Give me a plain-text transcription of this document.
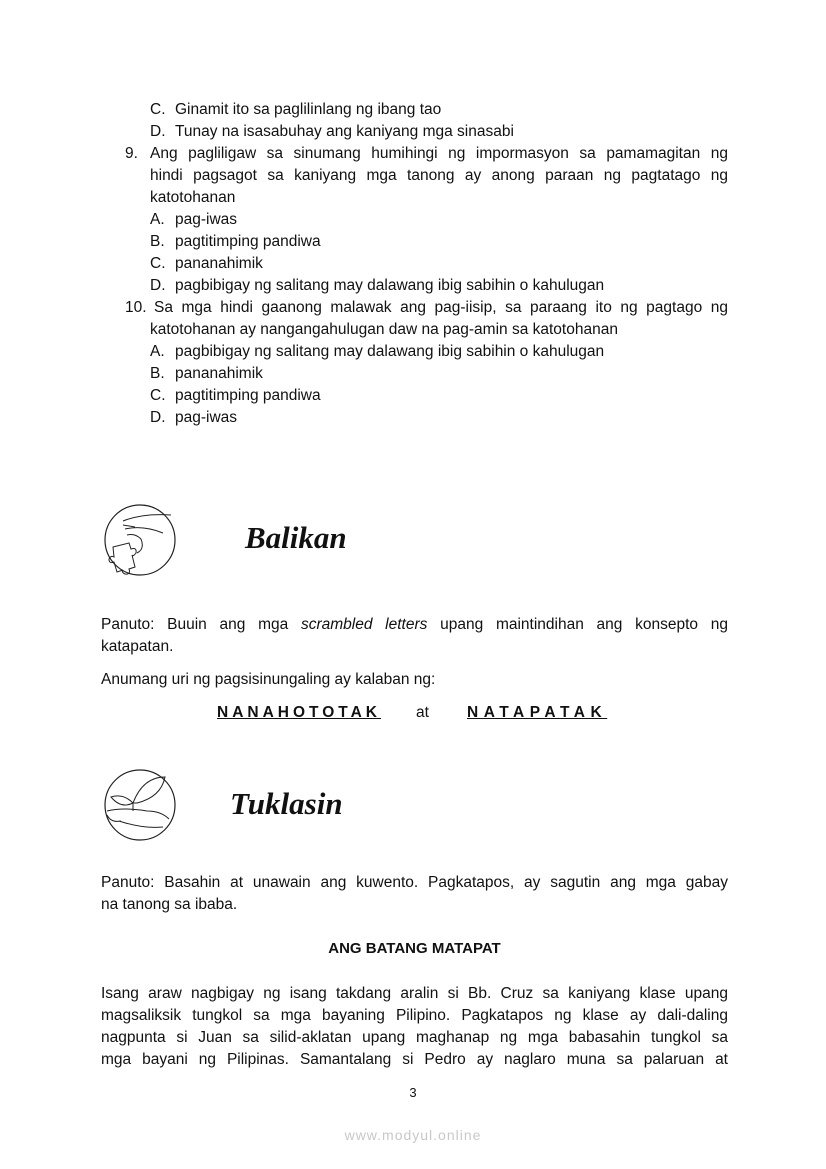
C. Ginamit ito sa paglilinlang ng ibang tao
D. Tunay na isasabuhay ang kaniyang mga sinasabi
9. Ang pagliligaw sa sinumang humihingi ng impormasyon sa pamamagitan ng
hindi pagsagot sa kaniyang mga tanong ay anong paraan ng pagtatago ng
katotohanan
A. pag-iwas
B. pagtitimping pandiwa
C. pananahimik
D. pagbibigay ng salitang may dalawang ibig sabihin o kahulugan
10. Sa mga hindi gaanong malawak ang pag-iisip, sa paraang ito ng pagtago ng
katotohanan ay nangangahulugan daw na pag-amin sa katotohanan
A. pagbibigay ng salitang may dalawang ibig sabihin o kahulugan
B. pananahimik
C. pagtitimping pandiwa
D. pag-iwas
Balikan
Panuto: Buuin ang mga scrambled letters upang maintindihan ang konsepto ng
katapatan.
Anumang uri ng pagsisinungaling ay kalaban ng:
NANAHOTOTAK at NATAPATAK
Tuklasin
Panuto: Basahin at unawain ang kuwento. Pagkatapos, ay sagutin ang mga gabay
na tanong sa ibaba.
ANG BATANG MATAPAT
Isang araw nagbigay ng isang takdang aralin si Bb. Cruz sa kaniyang klase upang
magsaliksik tungkol sa mga bayaning Pilipino. Pagkatapos ng klase ay dali-daling
nagpunta si Juan sa silid-aklatan upang maghanap ng mga babasahin tungkol sa
mga bayani ng Pilipinas. Samantalang si Pedro ay naglaro muna sa palaruan at
3
www.modyul.online
